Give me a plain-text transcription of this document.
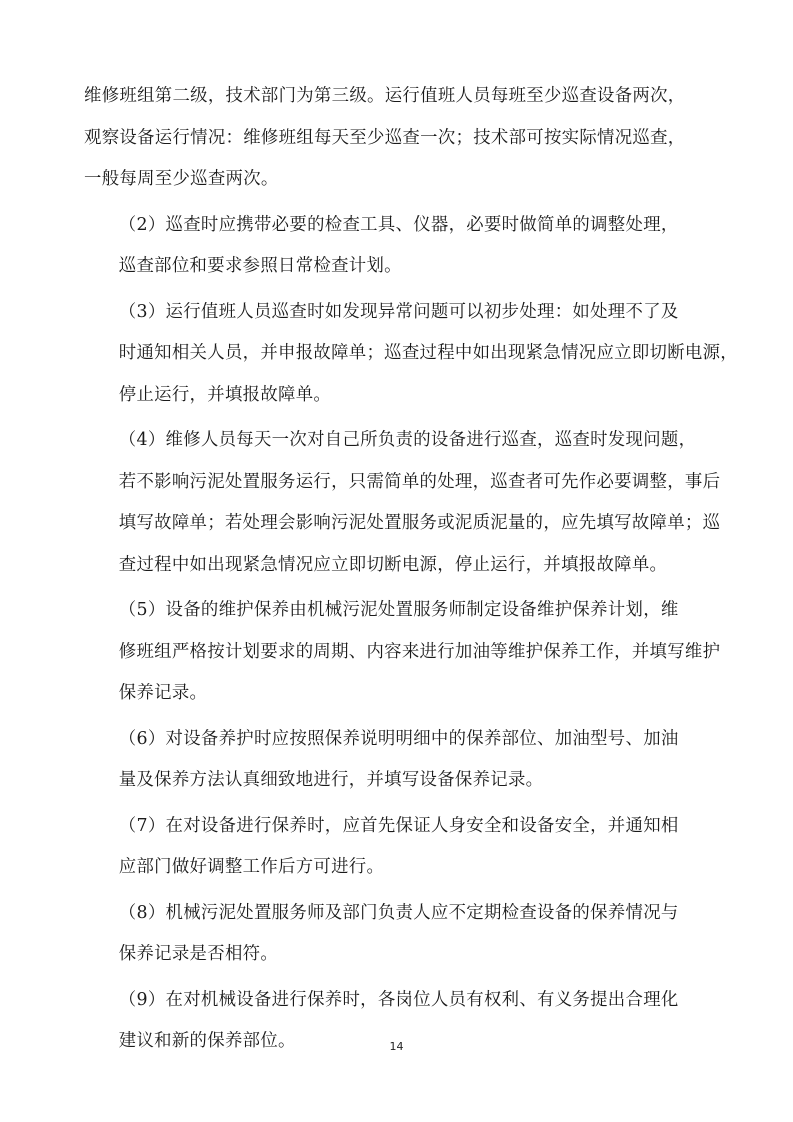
维修班组第二级，技术部门为第三级。运行值班人员每班至少巡查设备两次，
观察设备运行情况：维修班组每天至少巡查一次；技术部可按实际情况巡查，
一般每周至少巡查两次。

（2）巡查时应携带必要的检查工具、仪器，必要时做简单的调整处理，
巡查部位和要求参照日常检查计划。

（3）运行值班人员巡查时如发现异常问题可以初步处理：如处理不了及
时通知相关人员，并申报故障单；巡查过程中如出现紧急情况应立即切断电源，
停止运行，并填报故障单。

（4）维修人员每天一次对自己所负责的设备进行巡查，巡查时发现问题，
若不影响污泥处置服务运行，只需简单的处理，巡查者可先作必要调整，事后
填写故障单；若处理会影响污泥处置服务或泥质泥量的，应先填写故障单；巡
查过程中如出现紧急情况应立即切断电源，停止运行，并填报故障单。

（5）设备的维护保养由机械污泥处置服务师制定设备维护保养计划，维
修班组严格按计划要求的周期、内容来进行加油等维护保养工作，并填写维护
保养记录。

（6）对设备养护时应按照保养说明明细中的保养部位、加油型号、加油
量及保养方法认真细致地进行，并填写设备保养记录。

（7）在对设备进行保养时，应首先保证人身安全和设备安全，并通知相
应部门做好调整工作后方可进行。

（8）机械污泥处置服务师及部门负责人应不定期检查设备的保养情况与
保养记录是否相符。

（9）在对机械设备进行保养时，各岗位人员有权利、有义务提出合理化
建议和新的保养部位。	14
